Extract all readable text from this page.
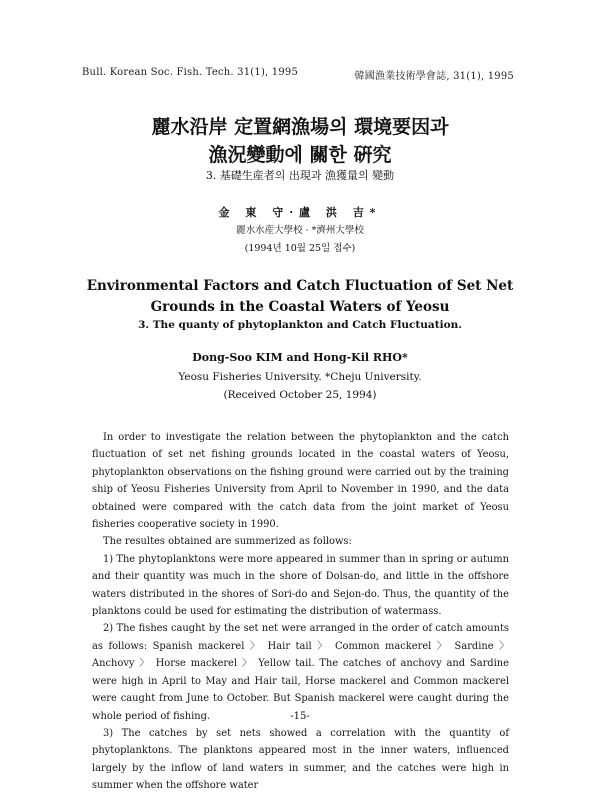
Bull. Korean Soc. Fish. Tech. 31(1), 1995	韓國漁業技術學會誌, 31(1), 1995
麗水沿岸 定置網漁場의 環境要因과
漁況變動에 關한 硏究
3. 基礎生産者의 出現과 漁獲量의 變動
金 東 守·盧 洪 吉*
麗水水産大學校 · *濟州大學校
(1994년 10월 25일 접수)
Environmental Factors and Catch Fluctuation of Set Net
Grounds in the Coastal Waters of Yeosu
3. The quanty of phytoplankton and Catch Fluctuation.
Dong-Soo KIM and Hong-Kil RHO*
Yeosu Fisheries University. *Cheju University.
(Received October 25, 1994)

In order to investigate the relation between the phytoplankton and the catch fluctuation of set net fishing grounds located in the coastal waters of Yeosu, phytoplankton observations on the fishing ground were carried out by the training ship of Yeosu Fisheries University from April to November in 1990, and the data obtained were compared with the catch data from the joint market of Yeosu fisheries cooperative society in 1990.

The resultes obtained are summerized as follows:

1) The phytoplanktons were more appeared in summer than in spring or autumn and their quantity was much in the shore of Dolsan-do, and little in the offshore waters distributed in the shores of Sori-do and Sejon-do. Thus, the quantity of the planktons could be used for estimating the distribution of watermass.

2) The fishes caught by the set net were arranged in the order of catch amounts as follows: Spanish mackerel 〉 Hair tail 〉 Common mackerel 〉 Sardine 〉 Anchovy 〉 Horse mackerel 〉 Yellow tail. The catches of anchovy and Sardine were high in April to May and Hair tail, Horse mackerel and Common mackerel were caught from June to October. But Spanish mackerel were caught during the whole period of fishing.

3) The catches by set nets showed a correlation with the quantity of phytoplanktons. The planktons appeared most in the inner waters, influenced largely by the inflow of land waters in summer, and the catches were high in summer when the offshore water

-15-
